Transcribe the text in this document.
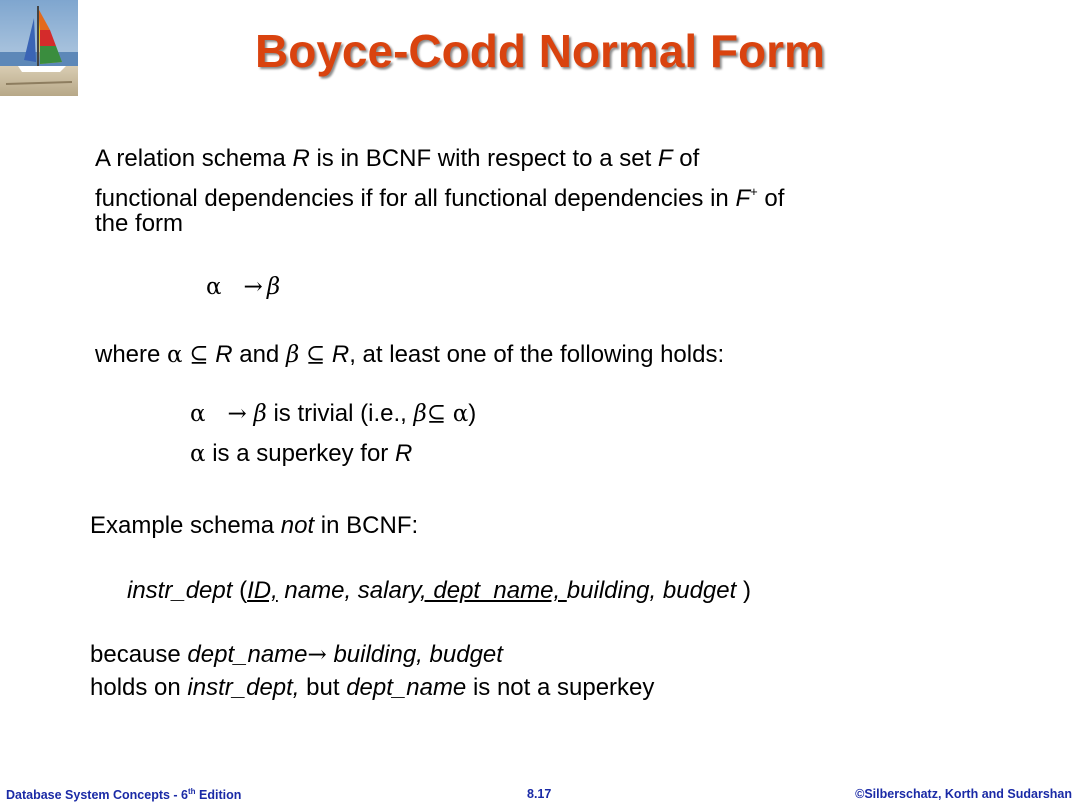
Boyce-Codd Normal Form
A relation schema R is in BCNF with respect to a set F of
functional dependencies if for all functional dependencies in F+ of
the form
α → β
where α ⊆ R and β ⊆ R, at least one of the following holds:
α → β is trivial (i.e., β⊆ α)
α is a superkey for R
Example schema not in BCNF:
instr_dept (ID, name, salary, dept_name, building, budget )
because dept_name→ building, budget
holds on instr_dept, but dept_name is not a superkey
Database System Concepts - 6th Edition	8.17	©Silberschatz, Korth and Sudarshan
